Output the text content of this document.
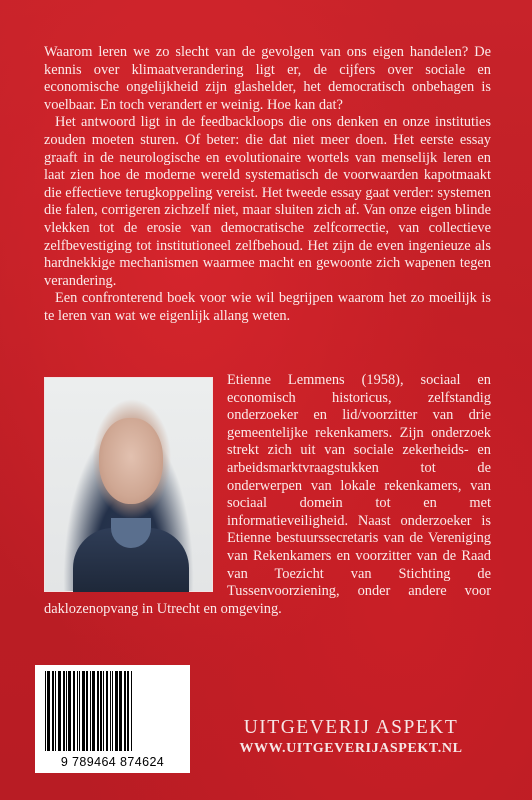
Waarom leren we zo slecht van de gevolgen van ons eigen handelen? De kennis over klimaatverandering ligt er, de cijfers over sociale en economische ongelijkheid zijn glashelder, het democratisch onbehagen is voelbaar. En toch verandert er weinig. Hoe kan dat?

Het antwoord ligt in de feedbackloops die ons denken en onze instituties zouden moeten sturen. Of beter: die dat niet meer doen. Het eerste essay graaft in de neurologische en evolutionaire wortels van menselijk leren en laat zien hoe de moderne wereld systematisch de voorwaarden kapotmaakt die effectieve terugkoppeling vereist. Het tweede essay gaat verder: systemen die falen, corrigeren zichzelf niet, maar sluiten zich af. Van onze eigen blinde vlekken tot de erosie van democratische zelfcorrectie, van collectieve zelfbevestiging tot institutioneel zelfbehoud. Het zijn de even ingenieuze als hardnekkige mechanismen waarmee macht en gewoonte zich wapenen tegen verandering.

Een confronterend boek voor wie wil begrijpen waarom het zo moeilijk is te leren van wat we eigenlijk allang weten.

Etienne Lemmens (1958), sociaal en economisch historicus, zelfstandig onderzoeker en lid/voorzitter van drie gemeentelijke rekenkamers. Zijn onderzoek strekt zich uit van sociale zekerheids- en arbeidsmarktvraagstukken tot de onderwerpen van lokale rekenkamers, van sociaal domein tot en met informatieveiligheid. Naast onderzoeker is Etienne bestuurssecretaris van de Vereniging van Rekenkamers en voorzitter van de Raad van Toezicht van Stichting de Tussenvoorziening, onder andere voor daklozenopvang in Utrecht en omgeving.
9 789464 874624
UITGEVERIJ ASPEKT
WWW.UITGEVERIJASPEKT.NL
